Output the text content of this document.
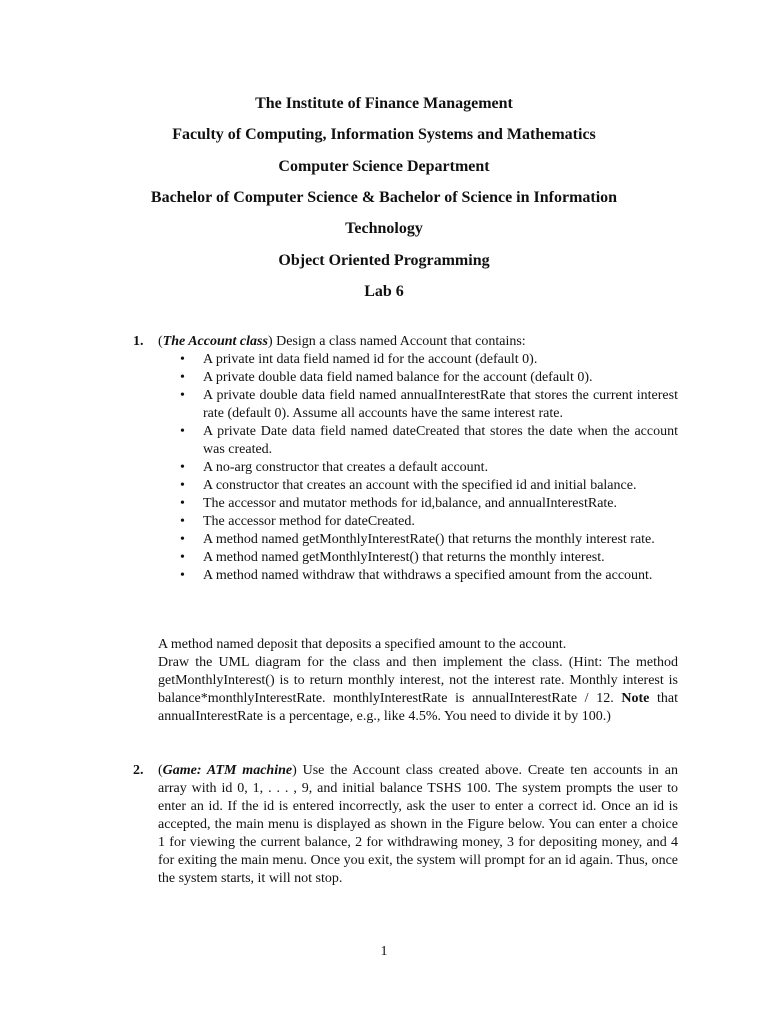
The Institute of Finance Management
Faculty of Computing, Information Systems and Mathematics
Computer Science Department
Bachelor of Computer Science & Bachelor of Science in Information
Technology
Object Oriented Programming
Lab 6
1. (The Account class) Design a class named Account that contains:
• A private int data field named id for the account (default 0).
• A private double data field named balance for the account (default 0).
• A private double data field named annualInterestRate that stores the current interest rate (default 0). Assume all accounts have the same interest rate.
• A private Date data field named dateCreated that stores the date when the account was created.
• A no-arg constructor that creates a default account.
• A constructor that creates an account with the specified id and initial balance.
• The accessor and mutator methods for id,balance, and annualInterestRate.
• The accessor method for dateCreated.
• A method named getMonthlyInterestRate() that returns the monthly interest rate.
• A method named getMonthlyInterest() that returns the monthly interest.
• A method named withdraw that withdraws a specified amount from the account.
A method named deposit that deposits a specified amount to the account.
Draw the UML diagram for the class and then implement the class. (Hint: The method getMonthlyInterest() is to return monthly interest, not the interest rate. Monthly interest is balance*monthlyInterestRate. monthlyInterestRate is annualInterestRate / 12. Note that annualInterestRate is a percentage, e.g., like 4.5%. You need to divide it by 100.)
2. (Game: ATM machine) Use the Account class created above. Create ten accounts in an array with id 0, 1, . . . , 9, and initial balance TSHS 100. The system prompts the user to enter an id. If the id is entered incorrectly, ask the user to enter a correct id. Once an id is accepted, the main menu is displayed as shown in the Figure below. You can enter a choice 1 for viewing the current balance, 2 for withdrawing money, 3 for depositing money, and 4 for exiting the main menu. Once you exit, the system will prompt for an id again. Thus, once the system starts, it will not stop.
1
